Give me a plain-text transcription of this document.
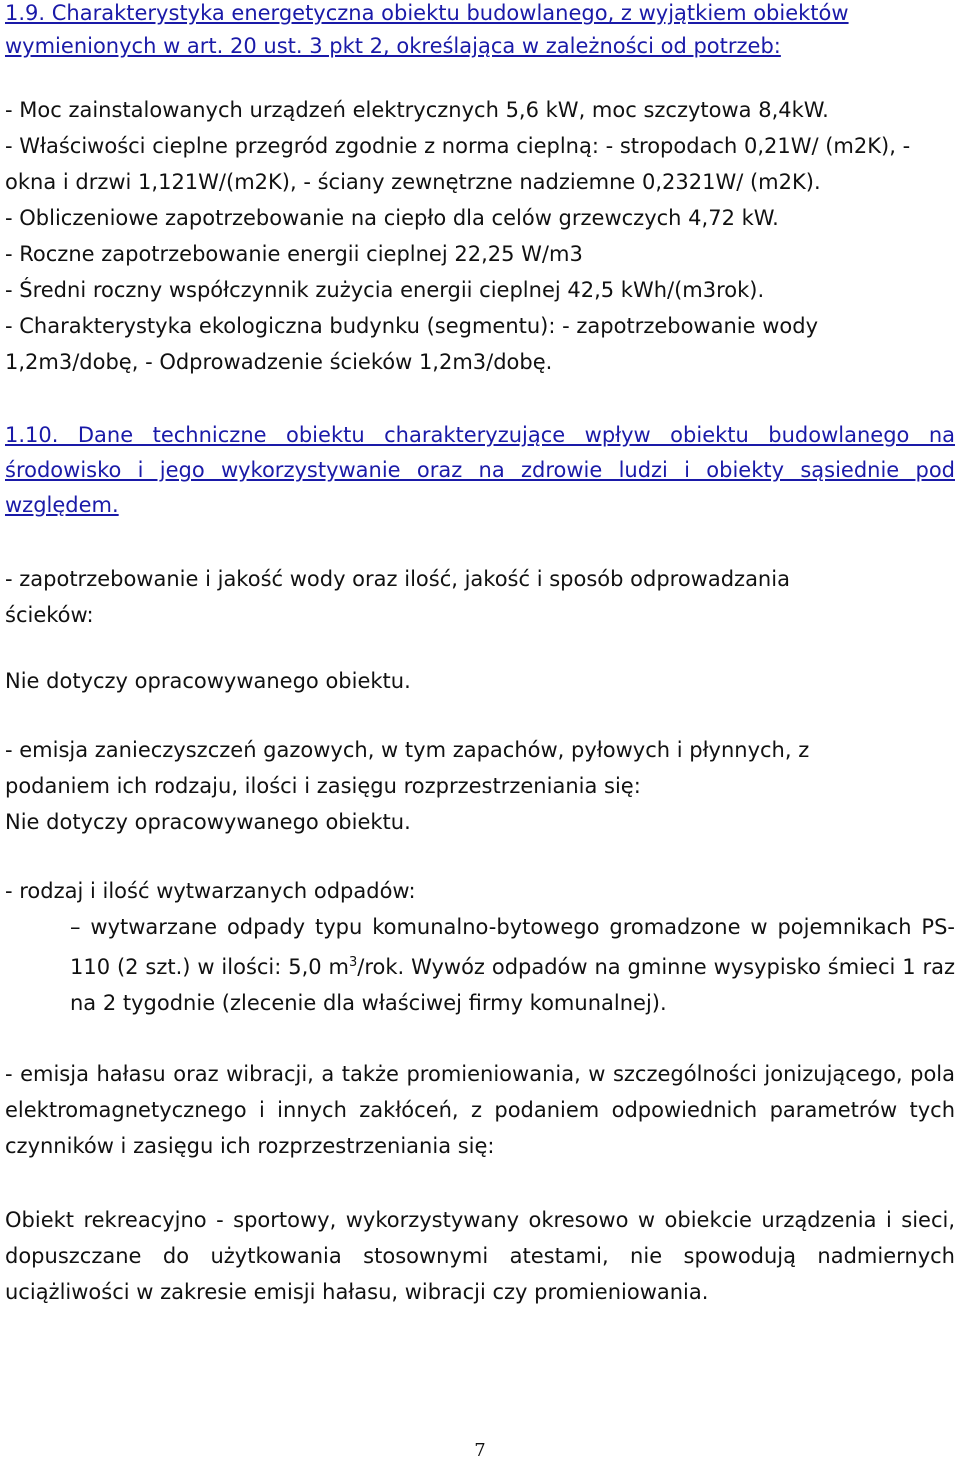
1.9. Charakterystyka energetyczna obiektu budowlanego, z wyjątkiem obiektów wymienionych w art. 20 ust. 3 pkt 2, określająca w zależności od potrzeb:

- Moc zainstalowanych urządzeń elektrycznych 5,6 kW, moc szczytowa 8,4kW.

- Właściwości cieplne przegród zgodnie z norma cieplną: - stropodach 0,21W/ (m2K), - okna i drzwi 1,121W/(m2K), - ściany zewnętrzne nadziemne 0,2321W/ (m2K).

- Obliczeniowe zapotrzebowanie na ciepło dla celów grzewczych 4,72 kW.

- Roczne zapotrzebowanie energii cieplnej 22,25 W/m3

- Średni roczny współczynnik zużycia energii cieplnej 42,5 kWh/(m3rok).

- Charakterystyka ekologiczna budynku (segmentu): - zapotrzebowanie wody 1,2m3/dobę, - Odprowadzenie ścieków 1,2m3/dobę.

1.10. Dane techniczne obiektu charakteryzujące wpływ obiektu budowlanego na środowisko i jego wykorzystywanie oraz na zdrowie ludzi i obiekty sąsiednie pod względem.

- zapotrzebowanie i jakość wody oraz ilość, jakość i sposób odprowadzania ścieków:

Nie dotyczy opracowywanego obiektu.

- emisja zanieczyszczeń gazowych, w tym zapachów, pyłowych i płynnych, z podaniem ich rodzaju, ilości i zasięgu rozprzestrzeniania się:

Nie dotyczy opracowywanego obiektu.

- rodzaj i ilość wytwarzanych odpadów:

– wytwarzane odpady typu komunalno-bytowego gromadzone w pojemnikach PS-110 (2 szt.) w ilości: 5,0 $m^3$/rok. Wywóz odpadów na gminne wysypisko śmieci 1 raz na 2 tygodnie (zlecenie dla właściwej firmy komunalnej).

- emisja hałasu oraz wibracji, a także promieniowania, w szczególności jonizującego, pola elektromagnetycznego i innych zakłóceń, z podaniem odpowiednich parametrów tych czynników i zasięgu ich rozprzestrzeniania się:

Obiekt rekreacyjno - sportowy, wykorzystywany okresowo w obiekcie urządzenia i sieci, dopuszczane do użytkowania stosownymi atestami, nie spowodują nadmiernych uciążliwości w zakresie emisji hałasu, wibracji czy promieniowania.

7
